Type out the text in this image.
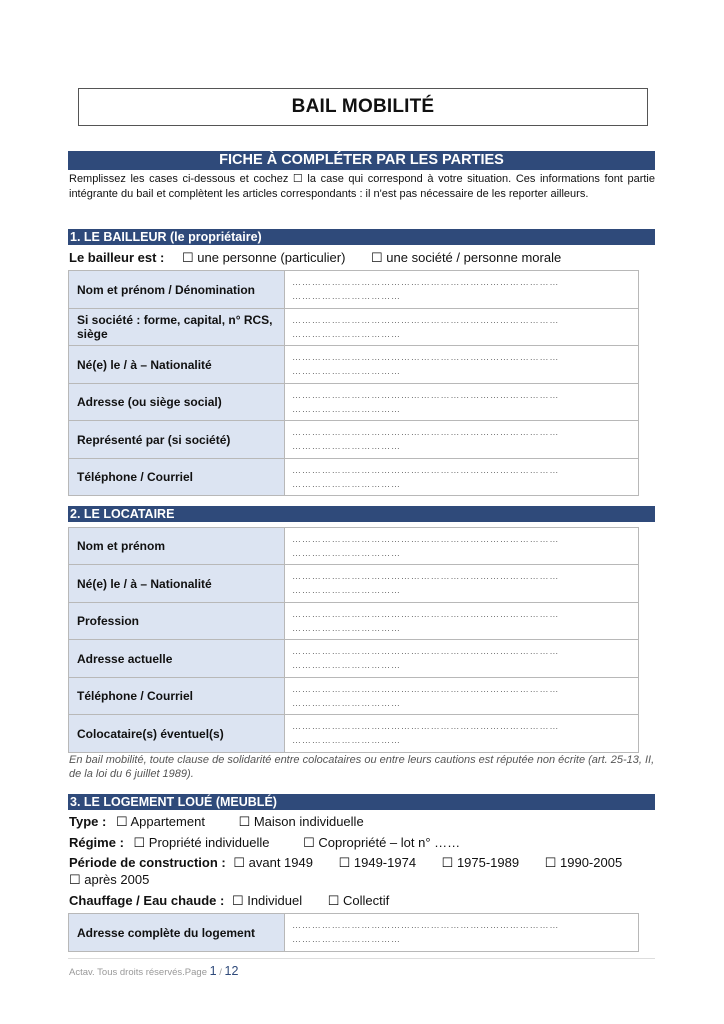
BAIL MOBILITÉ
FICHE À COMPLÉTER PAR LES PARTIES
Remplissez les cases ci-dessous et cochez ☐ la case qui correspond à votre situation. Ces informations font partie intégrante du bail et complètent les articles correspondants : il n'est pas nécessaire de les reporter ailleurs.
1. LE BAILLEUR (le propriétaire)
Le bailleur est : ☐ une personne (particulier) ☐ une société / personne morale
Nom et prénom / Dénomination	………………………………………………………………………
……………………………

Si société : forme, capital, n° RCS, siège	………………………………………………………………………
……………………………

Né(e) le / à – Nationalité	………………………………………………………………………
……………………………

Adresse (ou siège social)	………………………………………………………………………
……………………………

Représenté par (si société)	………………………………………………………………………
……………………………

Téléphone / Courriel	………………………………………………………………………
……………………………
2. LE LOCATAIRE
Nom et prénom	………………………………………………………………………
……………………………

Né(e) le / à – Nationalité	………………………………………………………………………
……………………………

Profession	………………………………………………………………………
……………………………

Adresse actuelle	………………………………………………………………………
……………………………

Téléphone / Courriel	………………………………………………………………………
……………………………

Colocataire(s) éventuel(s)	………………………………………………………………………
……………………………
En bail mobilité, toute clause de solidarité entre colocataires ou entre leurs cautions est réputée non écrite (art. 25-13, II, de la loi du 6 juillet 1989).
3. LE LOGEMENT LOUÉ (MEUBLÉ)
Type : ☐ Appartement	☐ Maison individuelle
Régime : ☐ Propriété individuelle	☐ Copropriété – lot n° ……
Période de construction : ☐ avant 1949 ☐ 1949-1974 ☐ 1975-1989 ☐ 1990-2005
☐ après 2005
Chauffage / Eau chaude : ☐ Individuel ☐ Collectif
Adresse complète du logement	
………………………………………………………………………
……………………………
Actav. Tous droits réservés.Page 1 / 12
